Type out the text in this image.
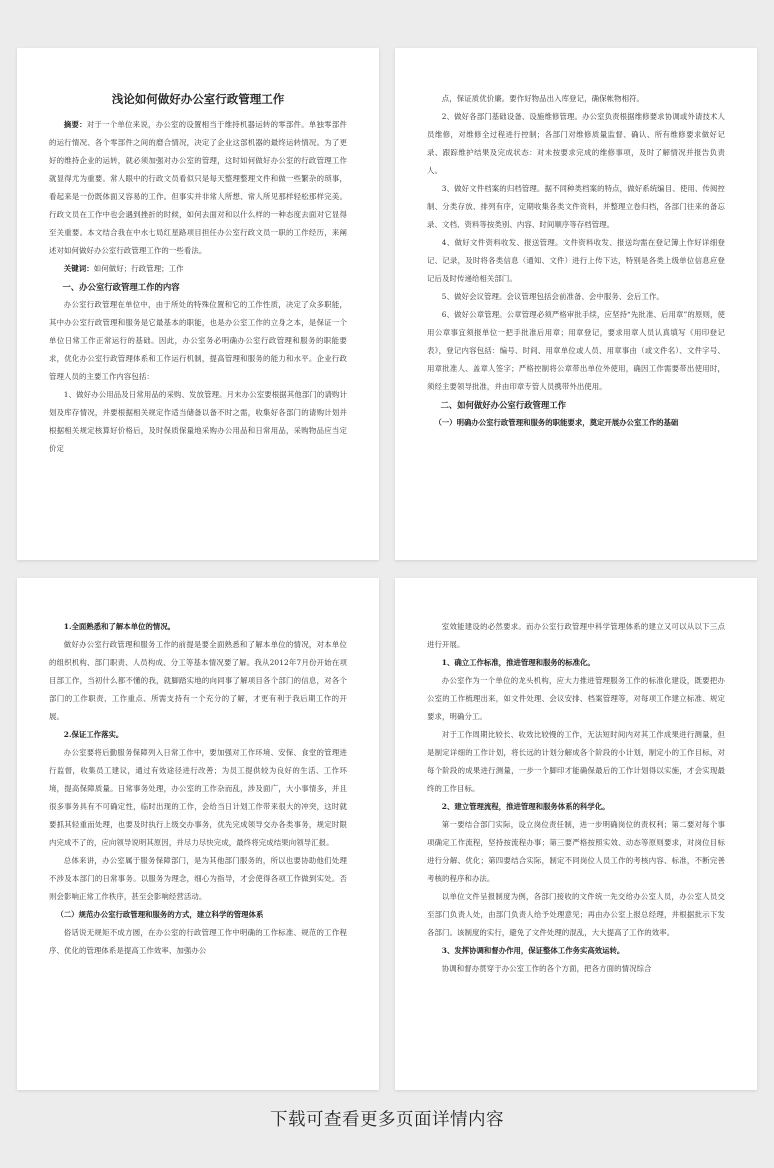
浅论如何做好办公室行政管理工作

摘要：对于一个单位来说，办公室的设置相当于维持机器运转的零部件。单独零部件的运行情况、各个零部件之间的磨合情况，决定了企业这部机器的最终运转情况。为了更好的维持企业的运转，就必须加强对办公室的管理，这时如何做好办公室的行政管理工作就显得尤为重要。常人眼中的行政文员看似只是每天整理整理文件和做一些繁杂的琐事，看起来是一份既体面又容易的工作。但事实并非常人所想、常人所见那样轻松那样完美。行政文员在工作中也会遇到挫折的时候，如何去面对和以什么样的一种态度去面对它显得至关重要。本文结合我在中水七局红星路项目担任办公室行政文员一职的工作经历，来阐述对如何做好办公室行政管理工作的一些看法。

关键词：如何做好；行政管理；工作

一、办公室行政管理工作的内容

办公室行政管理在单位中，由于所处的特殊位置和它的工作性质，决定了众多职能，其中办公室行政管理和服务是它最基本的职能，也是办公室工作的立身之本，是保证一个单位日常工作正常运行的基础。因此，办公室务必明确办公室行政管理和服务的职能要求，优化办公室行政管理体系和工作运行机制，提高管理和服务的能力和水平。企业行政管理人员的主要工作内容包括：

1、做好办公用品及日常用品的采购、发放管理。月末办公室要根据其他部门的请购计划及库存情况，并要根据相关规定作适当储备以备不时之需，收集好各部门的请购计划并根据相关规定核算好价格后，及时保质保量地采购办公用品和日常用品，采购物品应当定价定

点，保证质优价廉。要作好物品出入库登记，确保帐物相符。

2、做好各部门基础设备、设施维修管理。办公室负责根据维修要求协调或外请技术人员维修，对维修全过程进行控制；各部门对维修质量监督、确认、所有维修要求做好记录、跟踪维护结果及完成状态：对未按要求完成的维修事项，及时了解情况并报告负责人。

3、做好文件档案的归档管理。据不同种类档案的特点，做好系统编目、使用、传阅控制、分类存放、排列有序，定期收集各类文件资料，并整理立卷归档，各部门往来的备忘录、文档、资料等按类别、内容、时间顺序等存档管理。

4、做好文件资料收发、报送管理。文件资料收发、报送均需在登记簿上作好详细登记、记录，及时将各类信息（通知、文件）进行上传下达，特别是各类上级单位信息应登记后及时传递给相关部门。

5、做好会议管理。会议管理包括会前准备、会中服务、会后工作。

6、做好公章管理。公章管理必须严格审批手续，应坚持“先批准、后用章”的原则，使用公章事宜须报单位一把手批准后用章；用章登记，要求用章人员认真填写《用印登记表》，登记内容包括：编号、时间、用章单位或人员、用章事由（或文件名）、文件字号、用章批准人、盖章人签字；严格控制将公章带出单位外使用，确因工作需要带出使用时，须经主要领导批准，并由印章专管人员携带外出使用。

二、如何做好办公室行政管理工作
（一）明确办公室行政管理和服务的职能要求，奠定开展办公室工作的基础
1.全面熟悉和了解本单位的情况。

做好办公室行政管理和服务工作的前提是要全面熟悉和了解本单位的情况，对本单位的组织机构、部门职责、人员构成、分工等基本情况要了解。我从2012年7月份开始在项目部工作，当初什么都不懂的我，就脚踏实地的向同事了解项目各个部门的信息，对各个部门的工作职责、工作重点、所需支持有一个充分的了解，才更有利于我后期工作的开展。

2.保证工作落实。

办公室要将后勤服务保障列入日常工作中，要加强对工作环境、安保、食堂的管理进行监督，收集员工建议，通过有效途径进行改善；为员工提供较为良好的生活、工作环境，提高保障质量。日常事务处理，办公室的工作杂而乱，涉及面广，大小事情多，并且很多事务具有不可确定性，临时出现的工作，会给当日计划工作带来很大的冲突，这时就要抓其轻重而处理，也要及时执行上级交办事务，优先完成领导交办各类事务，规定时限内完成不了的，应向领导说明其原因，并尽力尽快完成，最终将完成结果向领导汇报。

总体来讲，办公室属于服务保障部门，是为其他部门服务的，所以也要协助他们处理不涉及本部门的日常事务。以服务为理念，细心为指导，才会使得各项工作做到实处。否则会影响正常工作秩序，甚至会影响经营活动。

（二）规范办公室行政管理和服务的方式，建立科学的管理体系

俗话说无规矩不成方圆，在办公室的行政管理工作中明确的工作标准、规范的工作程序、优化的管理体系是提高工作效率、加强办公

室效能建设的必然要求。而办公室行政管理中科学管理体系的建立又可以从以下三点进行开展。

1、确立工作标准，推进管理和服务的标准化。

办公室作为一个单位的龙头机构，应大力推进管理服务工作的标准化建设，既要把办公室的工作梳理出来，如文件处理、会议安排、档案管理等，对每项工作建立标准、规定要求，明确分工。

对于工作周期比较长、收效比较慢的工作，无法短时间内对其工作成果进行测量，但是制定详细的工作计划，将长远的计划分解成各个阶段的小计划，制定小的工作目标，对每个阶段的成果进行测量，一步一个脚印才能确保最后的工作计划得以实施，才会实现最终的工作目标。

2、建立管理流程，推进管理和服务体系的科学化。

第一要结合部门实际，设立岗位责任制，进一步明确岗位的责权利；第二要对每个事项确定工作流程，坚持按流程办事；第三要严格按照实效、动态等原则要求，对岗位目标进行分解、优化；第四要结合实际，制定不同岗位人员工作的考核内容、标准，不断完善考核的程序和办法。

以单位文件呈报制度为例，各部门接收的文件统一先交给办公室人员，办公室人员交至部门负责人处，由部门负责人给予处理意见；再由办公室上报总经理，并根据批示下发各部门。该制度的实行，避免了文件处理的混乱，大大提高了工作的效率。

3、发挥协调和督办作用，保证整体工作务实高效运转。

协调和督办贯穿于办公室工作的各个方面，把各方面的情况综合

下载可查看更多页面详情内容
